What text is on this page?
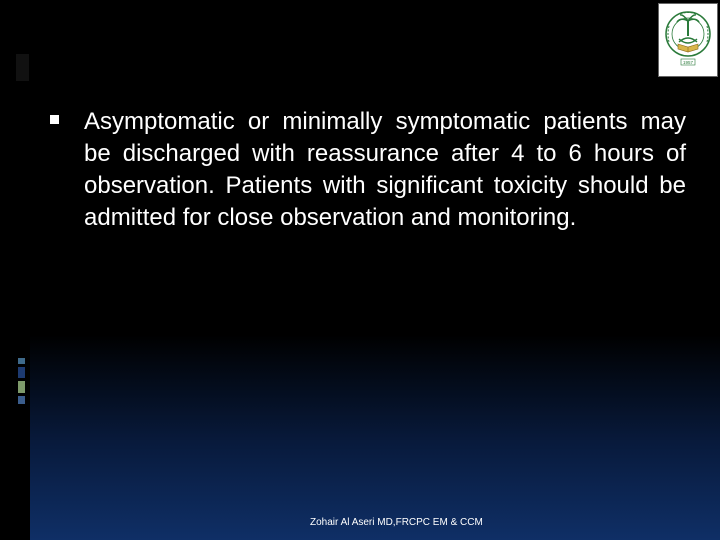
1957

Asymptomatic or minimally symptomatic patients may be discharged with reassurance after 4 to 6 hours of observation. Patients with significant toxicity should be admitted for close observation and monitoring.

Zohair Al Aseri MD,FRCPC EM & CCM
